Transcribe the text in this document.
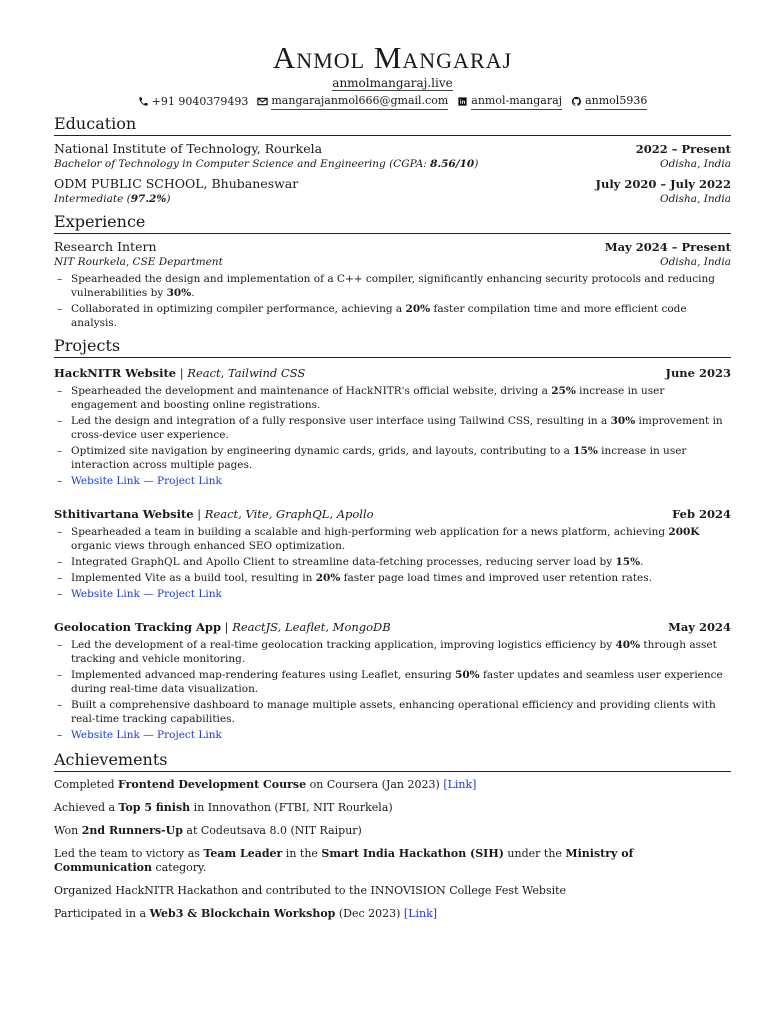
Anmol Mangaraj
anmolmangaraj.live
+91 9040379493 mangarajanmol666@gmail.com anmol-mangaraj anmol5936
Education
National Institute of Technology, Rourkela	2022 – Present
Bachelor of Technology in Computer Science and Engineering (CGPA: 8.56/10)	Odisha, India
ODM PUBLIC SCHOOL, Bhubaneswar	July 2020 – July 2022
Intermediate (97.2%)	Odisha, India
Experience
Research Intern	May 2024 – Present
NIT Rourkela, CSE Department	Odisha, India
– Spearheaded the design and implementation of a C++ compiler, significantly enhancing security protocols and reducing vulnerabilities by 30%.
– Collaborated in optimizing compiler performance, achieving a 20% faster compilation time and more efficient code analysis.
Projects
HackNITR Website | React, Tailwind CSS	June 2023
– Spearheaded the development and maintenance of HackNITR's official website, driving a 25% increase in user engagement and boosting online registrations.
– Led the design and integration of a fully responsive user interface using Tailwind CSS, resulting in a 30% improvement in cross-device user experience.
– Optimized site navigation by engineering dynamic cards, grids, and layouts, contributing to a 15% increase in user interaction across multiple pages.
– Website Link — Project Link
Sthitivartana Website | React, Vite, GraphQL, Apollo	Feb 2024
– Spearheaded a team in building a scalable and high-performing web application for a news platform, achieving 200K organic views through enhanced SEO optimization.
– Integrated GraphQL and Apollo Client to streamline data-fetching processes, reducing server load by 15%.
– Implemented Vite as a build tool, resulting in 20% faster page load times and improved user retention rates.
– Website Link — Project Link
Geolocation Tracking App | ReactJS, Leaflet, MongoDB	May 2024
– Led the development of a real-time geolocation tracking application, improving logistics efficiency by 40% through asset tracking and vehicle monitoring.
– Implemented advanced map-rendering features using Leaflet, ensuring 50% faster updates and seamless user experience during real-time data visualization.
– Built a comprehensive dashboard to manage multiple assets, enhancing operational efficiency and providing clients with real-time tracking capabilities.
– Website Link — Project Link
Achievements
Completed Frontend Development Course on Coursera (Jan 2023) [Link]
Achieved a Top 5 finish in Innovathon (FTBI, NIT Rourkela)
Won 2nd Runners-Up at Codeutsava 8.0 (NIT Raipur)
Led the team to victory as Team Leader in the Smart India Hackathon (SIH) under the Ministry of Communication category.
Organized HackNITR Hackathon and contributed to the INNOVISION College Fest Website
Participated in a Web3 & Blockchain Workshop (Dec 2023) [Link]
